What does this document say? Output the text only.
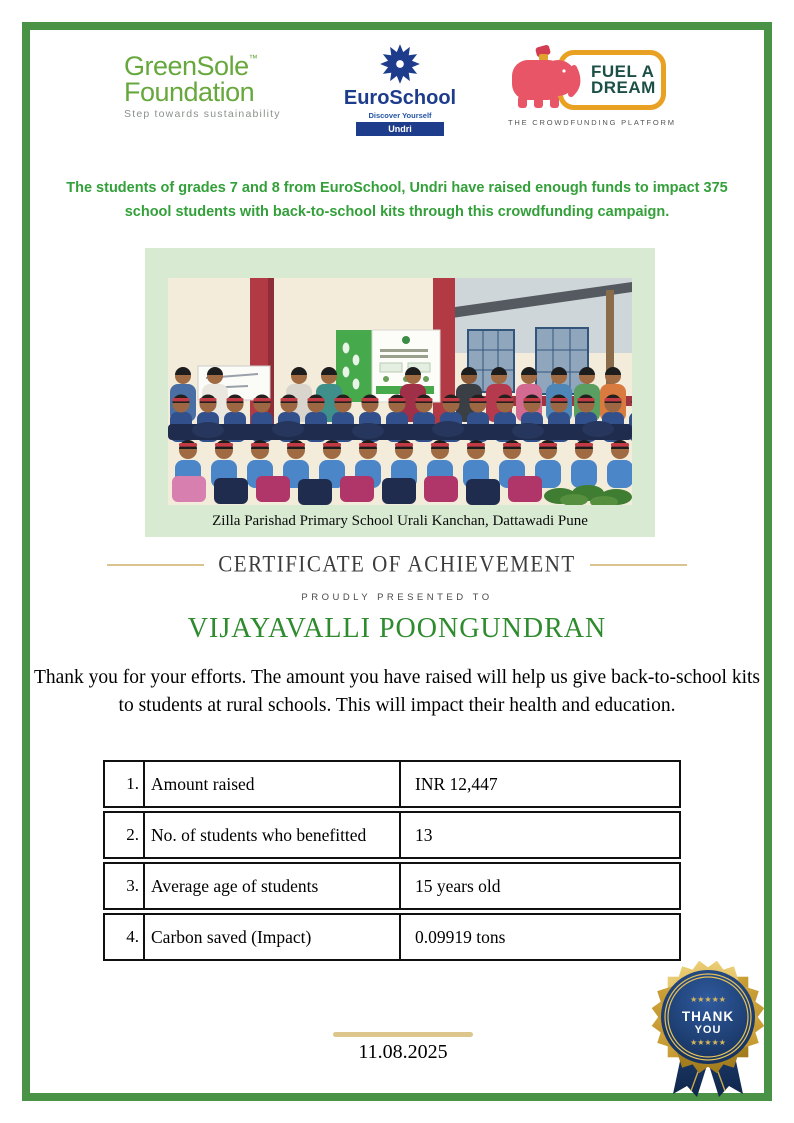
GreenSole™
Foundation
Step towards sustainability
EuroSchool
Discover Yourself
Undri
FUEL A
DREAM
THE CROWDFUNDING PLATFORM
The students of grades 7 and 8 from EuroSchool, Undri have raised enough funds to impact 375 school students with back-to-school kits through this crowdfunding campaign.
Zilla Parishad Primary School Urali Kanchan, Dattawadi Pune
CERTIFICATE OF ACHIEVEMENT
PROUDLY PRESENTED TO
VIJAYAVALLI POONGUNDRAN
Thank you for your efforts. The amount you have raised will help us give back-to-school kits to students at rural schools. This will impact their health and education.
1. Amount raised	INR 12,447
2. No. of students who benefitted	13
3. Average age of students	15 years old
4. Carbon saved (Impact)	0.09919 tons
11.08.2025
★★★★★
THANK
YOU
★★★★★
